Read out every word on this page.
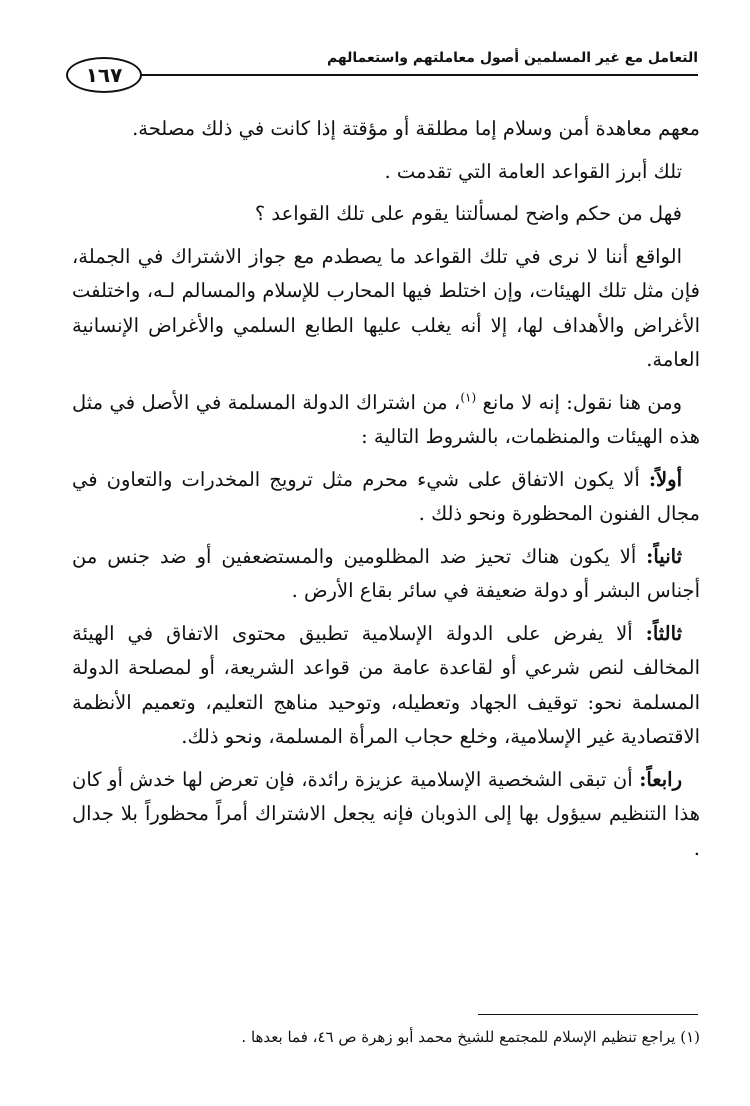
التعامل مع غير المسلمين أصول معاملتهم واستعمالهم
١٦٧

معهم معاهدة أمن وسلام إما مطلقة أو مؤقتة إذا كانت في ذلك مصلحة.

تلك أبرز القواعد العامة التي تقدمت .

فهل من حكم واضح لمسألتنا يقوم على تلك القواعد ؟

الواقع أننا لا نرى في تلك القواعد ما يصطدم مع جواز الاشتراك في الجملة، فإن مثل تلك الهيئات، وإن اختلط فيها المحارب للإسلام والمسالم لـه، واختلفت الأغراض والأهداف لها، إلا أنه يغلب عليها الطابع السلمي والأغراض الإنسانية العامة.

ومن هنا نقول: إنه لا مانع $^{(١)}$، من اشتراك الدولة المسلمة في الأصل في مثل هذه الهيئات والمنظمات، بالشروط التالية :

أولاً: ألا يكون الاتفاق على شيء محرم مثل ترويج المخدرات والتعاون في مجال الفنون المحظورة ونحو ذلك .

ثانياً: ألا يكون هناك تحيز ضد المظلومين والمستضعفين أو ضد جنس من أجناس البشر أو دولة ضعيفة في سائر بقاع الأرض .

ثالثاً: ألا يفرض على الدولة الإسلامية تطبيق محتوى الاتفاق في الهيئة المخالف لنص شرعي أو لقاعدة عامة من قواعد الشريعة، أو لمصلحة الدولة المسلمة نحو: توقيف الجهاد وتعطيله، وتوحيد مناهج التعليم، وتعميم الأنظمة الاقتصادية غير الإسلامية، وخلع حجاب المرأة المسلمة، ونحو ذلك.

رابعاً: أن تبقى الشخصية الإسلامية عزيزة رائدة، فإن تعرض لها خدش أو كان هذا التنظيم سيؤول بها إلى الذوبان فإنه يجعل الاشتراك أمراً محظوراً بلا جدال .

(١) يراجع تنظيم الإسلام للمجتمع للشيخ محمد أبو زهرة ص ٤٦، فما بعدها .
